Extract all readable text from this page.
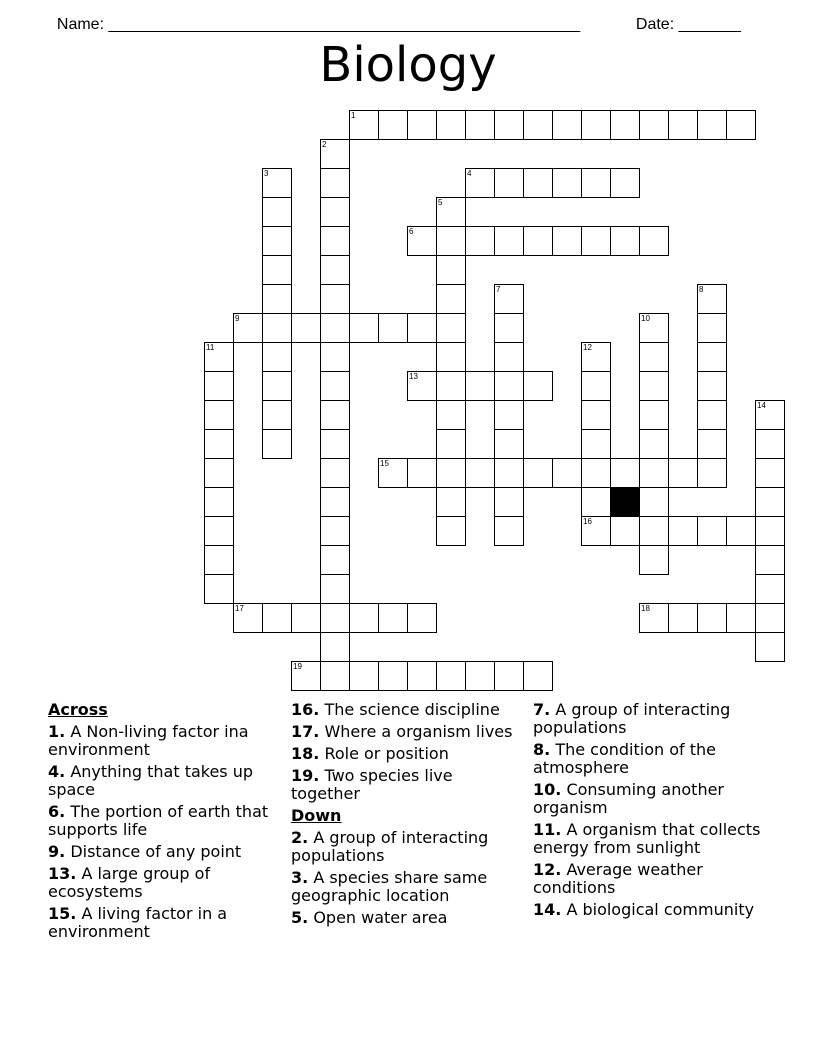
Name: _____________________________________________________	Date: _______

Biology
1
2
3	4
5
6
7	8
9	10
11	12
13
14
15
16
17	18
19
Across
1. A Non-living factor ina environment
4. Anything that takes up space
6. The portion of earth that supports life
9. Distance of any point
13. A large group of ecosystems
15. A living factor in a environment
16. The science discipline
17. Where a organism lives
18. Role or position
19. Two species live together
Down
2. A group of interacting populations
3. A species share same geographic location
5. Open water area
7. A group of interacting populations
8. The condition of the atmosphere
10. Consuming another organism
11. A organism that collects energy from sunlight
12. Average weather conditions
14. A biological community
